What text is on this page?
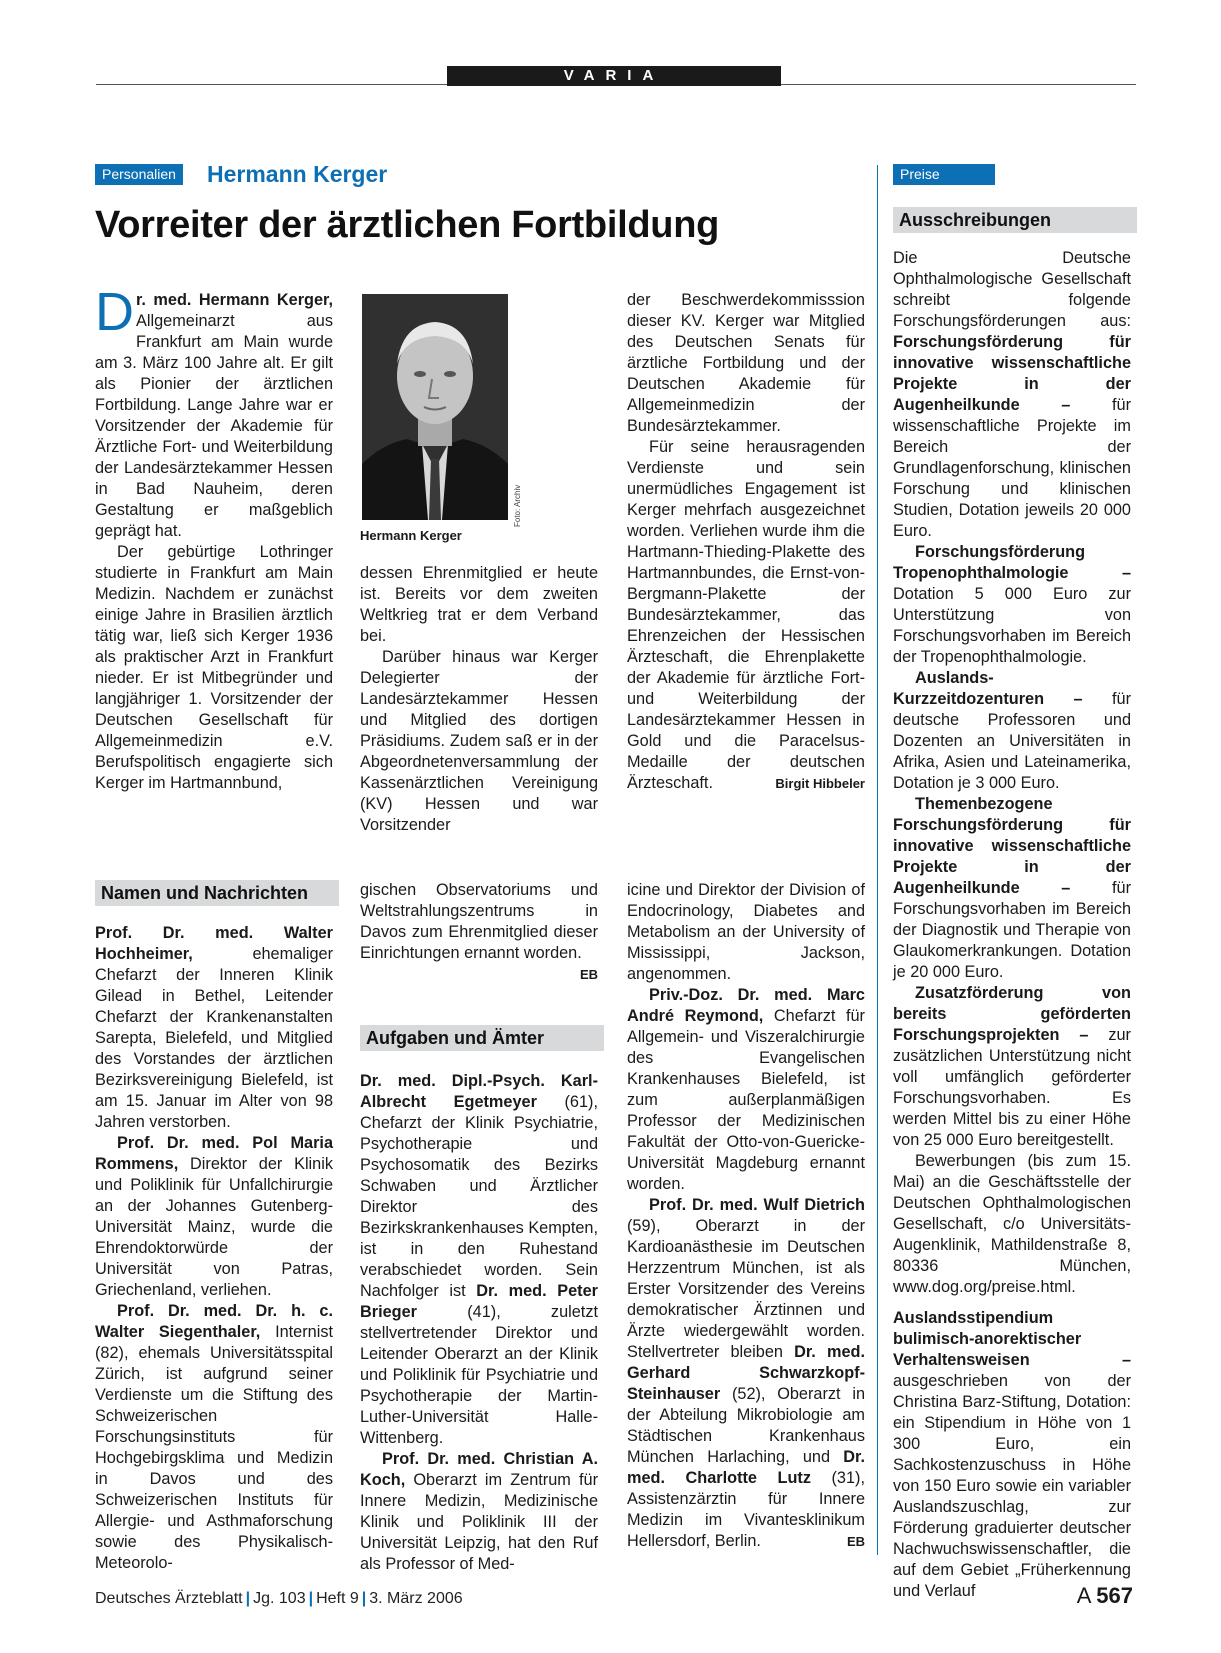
VARIA
Personalien	Hermann Kerger
Vorreiter der ärztlichen Fortbildung

Dr. med. Hermann Kerger, Allgemeinarzt aus Frankfurt am Main wurde am 3. März 100 Jahre alt. Er gilt als Pionier der ärztlichen Fortbildung. Lange Jahre war er Vorsitzender der Akademie für Ärztliche Fort- und Weiterbildung der Landesärztekammer Hessen in Bad Nauheim, deren Gestaltung er maßgeblich geprägt hat.

Der gebürtige Lothringer studierte in Frankfurt am Main Medizin. Nachdem er zunächst einige Jahre in Brasilien ärztlich tätig war, ließ sich Kerger 1936 als praktischer Arzt in Frankfurt nieder. Er ist Mitbegründer und langjähriger 1. Vorsitzender der Deutschen Gesellschaft für Allgemeinmedizin e.V. Berufspolitisch engagierte sich Kerger im Hartmannbund,

Foto: Archiv
Hermann Kerger

dessen Ehrenmitglied er heute ist. Bereits vor dem zweiten Weltkrieg trat er dem Verband bei.

Darüber hinaus war Kerger Delegierter der Landesärztekammer Hessen und Mitglied des dortigen Präsidiums. Zudem saß er in der Abgeordnetenversammlung der Kassenärztlichen Vereinigung (KV) Hessen und war Vorsitzender

der Beschwerdekommisssion dieser KV. Kerger war Mitglied des Deutschen Senats für ärztliche Fortbildung und der Deutschen Akademie für Allgemeinmedizin der Bundesärztekammer.

Für seine herausragenden Verdienste und sein unermüdliches Engagement ist Kerger mehrfach ausgezeichnet worden. Verliehen wurde ihm die Hartmann-Thieding-Plakette des Hartmannbundes, die Ernst-von-Bergmann-Plakette der Bundesärztekammer, das Ehrenzeichen der Hessischen Ärzteschaft, die Ehrenplakette der Akademie für ärztliche Fort- und Weiterbildung der Landesärztekammer Hessen in Gold und die Paracelsus-Medaille der deutschen Ärzteschaft.	Birgit Hibbeler

Namen und Nachrichten

Prof. Dr. med. Walter Hochheimer, ehemaliger Chefarzt der Inneren Klinik Gilead in Bethel, Leitender Chefarzt der Krankenanstalten Sarepta, Bielefeld, und Mitglied des Vorstandes der ärztlichen Bezirksvereinigung Bielefeld, ist am 15. Januar im Alter von 98 Jahren verstorben.

Prof. Dr. med. Pol Maria Rommens, Direktor der Klinik und Poliklinik für Unfallchirurgie an der Johannes Gutenberg-Universität Mainz, wurde die Ehrendoktorwürde der Universität von Patras, Griechenland, verliehen.

Prof. Dr. med. Dr. h. c. Walter Siegenthaler, Internist (82), ehemals Universitätsspital Zürich, ist aufgrund seiner Verdienste um die Stiftung des Schweizerischen Forschungsinstituts für Hochgebirgsklima und Medizin in Davos und des Schweizerischen Instituts für Allergie- und Asthmaforschung sowie des Physikalisch-Meteorolo-

gischen Observatoriums und Weltstrahlungszentrums in Davos zum Ehrenmitglied dieser Einrichtungen ernannt worden.
EB

Aufgaben und Ämter

Dr. med. Dipl.-Psych. Karl-Albrecht Egetmeyer (61), Chefarzt der Klinik Psychiatrie, Psychotherapie und Psychosomatik des Bezirks Schwaben und Ärztlicher Direktor des Bezirkskrankenhauses Kempten, ist in den Ruhestand verabschiedet worden. Sein Nachfolger ist Dr. med. Peter Brieger (41), zuletzt stellvertretender Direktor und Leitender Oberarzt an der Klinik und Poliklinik für Psychiatrie und Psychotherapie der Martin-Luther-Universität Halle-Wittenberg.

Prof. Dr. med. Christian A. Koch, Oberarzt im Zentrum für Innere Medizin, Medizinische Klinik und Poliklinik III der Universität Leipzig, hat den Ruf als Professor of Med-

icine und Direktor der Division of Endocrinology, Diabetes and Metabolism an der University of Mississippi, Jackson, angenommen.

Priv.-Doz. Dr. med. Marc André Reymond, Chefarzt für Allgemein- und Viszeralchirurgie des Evangelischen Krankenhauses Bielefeld, ist zum außerplanmäßigen Professor der Medizinischen Fakultät der Otto-von-Guericke-Universität Magdeburg ernannt worden.

Prof. Dr. med. Wulf Dietrich (59), Oberarzt in der Kardioanästhesie im Deutschen Herzzentrum München, ist als Erster Vorsitzender des Vereins demokratischer Ärztinnen und Ärzte wiedergewählt worden. Stellvertreter bleiben Dr. med. Gerhard Schwarzkopf-Steinhauser (52), Oberarzt in der Abteilung Mikrobiologie am Städtischen Krankenhaus München Harlaching, und Dr. med. Charlotte Lutz (31), Assistenzärztin für Innere Medizin im Vivantesklinikum Hellersdorf, Berlin.	EB

Preise
Ausschreibungen

Die Deutsche Ophthalmologische Gesellschaft schreibt folgende Forschungsförderungen aus: Forschungsförderung für innovative wissenschaftliche Projekte in der Augenheilkunde – für wissenschaftliche Projekte im Bereich der Grundlagenforschung, klinischen Forschung und klinischen Studien, Dotation jeweils 20 000 Euro.

Forschungsförderung Tropenophthalmologie – Dotation 5 000 Euro zur Unterstützung von Forschungsvorhaben im Bereich der Tropenophthalmologie.

Auslands-Kurzzeitdozenturen – für deutsche Professoren und Dozenten an Universitäten in Afrika, Asien und Lateinamerika, Dotation je 3 000 Euro.

Themenbezogene Forschungsförderung für innovative wissenschaftliche Projekte in der Augenheilkunde – für Forschungsvorhaben im Bereich der Diagnostik und Therapie von Glaukomerkrankungen. Dotation je 20 000 Euro.

Zusatzförderung von bereits geförderten Forschungsprojekten – zur zusätzlichen Unterstützung nicht voll umfänglich geförderter Forschungsvorhaben. Es werden Mittel bis zu einer Höhe von 25 000 Euro bereitgestellt.

Bewerbungen (bis zum 15. Mai) an die Geschäftsstelle der Deutschen Ophthalmologischen Gesellschaft, c/o Universitäts-Augenklinik, Mathildenstraße 8, 80336 München, www.dog.org/preise.html.

Auslandsstipendium bulimisch-anorektischer Verhaltensweisen – ausgeschrieben von der Christina Barz-Stiftung, Dotation: ein Stipendium in Höhe von 1 300 Euro, ein Sachkostenzuschuss in Höhe von 150 Euro sowie ein variabler Auslandszuschlag, zur Förderung graduierter deutscher Nachwuchswissenschaftler, die auf dem Gebiet „Früherkennung und Verlauf

Deutsches Ärzteblatt | Jg. 103 | Heft 9 | 3. März 2006	A 567
